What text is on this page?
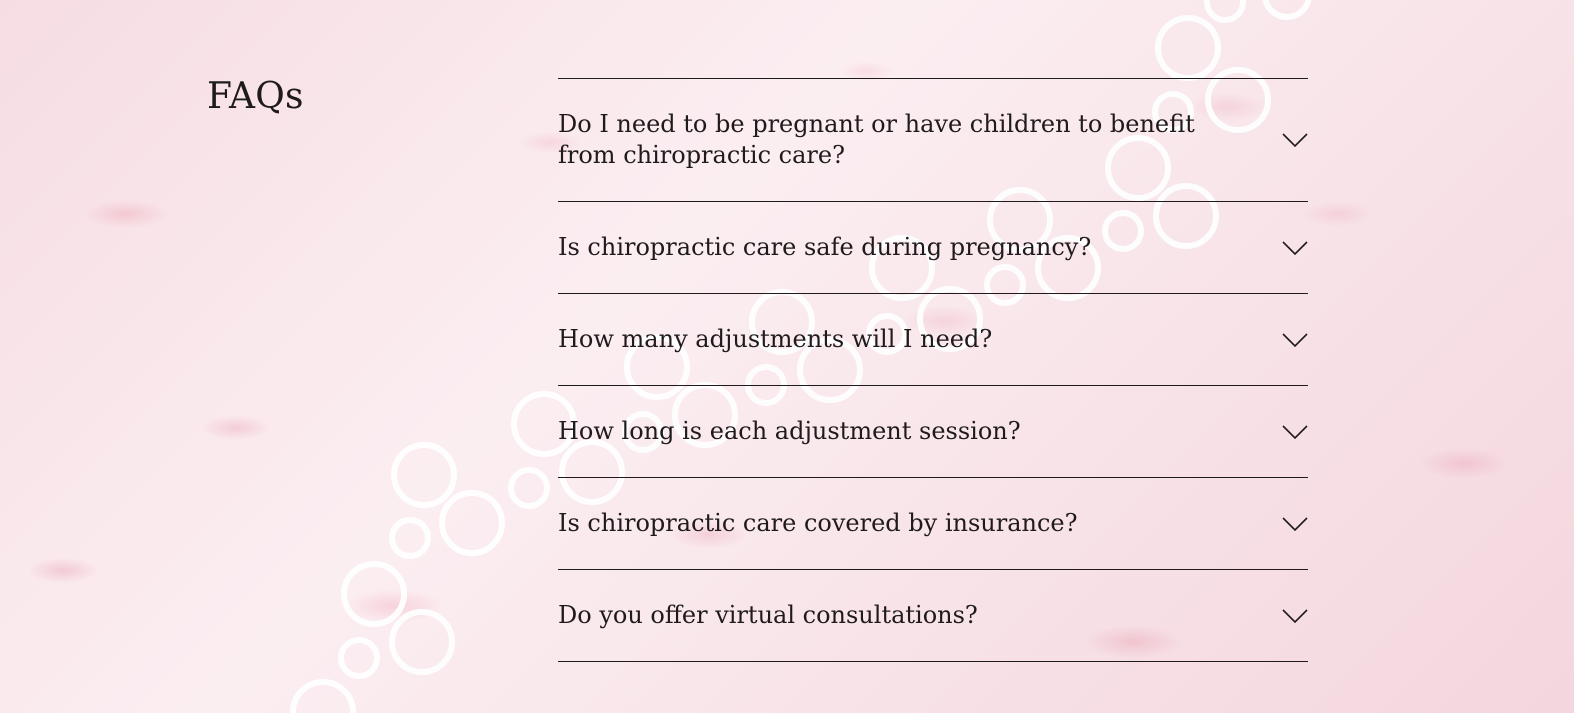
FAQs
Do I need to be pregnant or have children to benefit from chiropractic care?
Is chiropractic care safe during pregnancy?
How many adjustments will I need?
How long is each adjustment session?
Is chiropractic care covered by insurance?
Do you offer virtual consultations?
